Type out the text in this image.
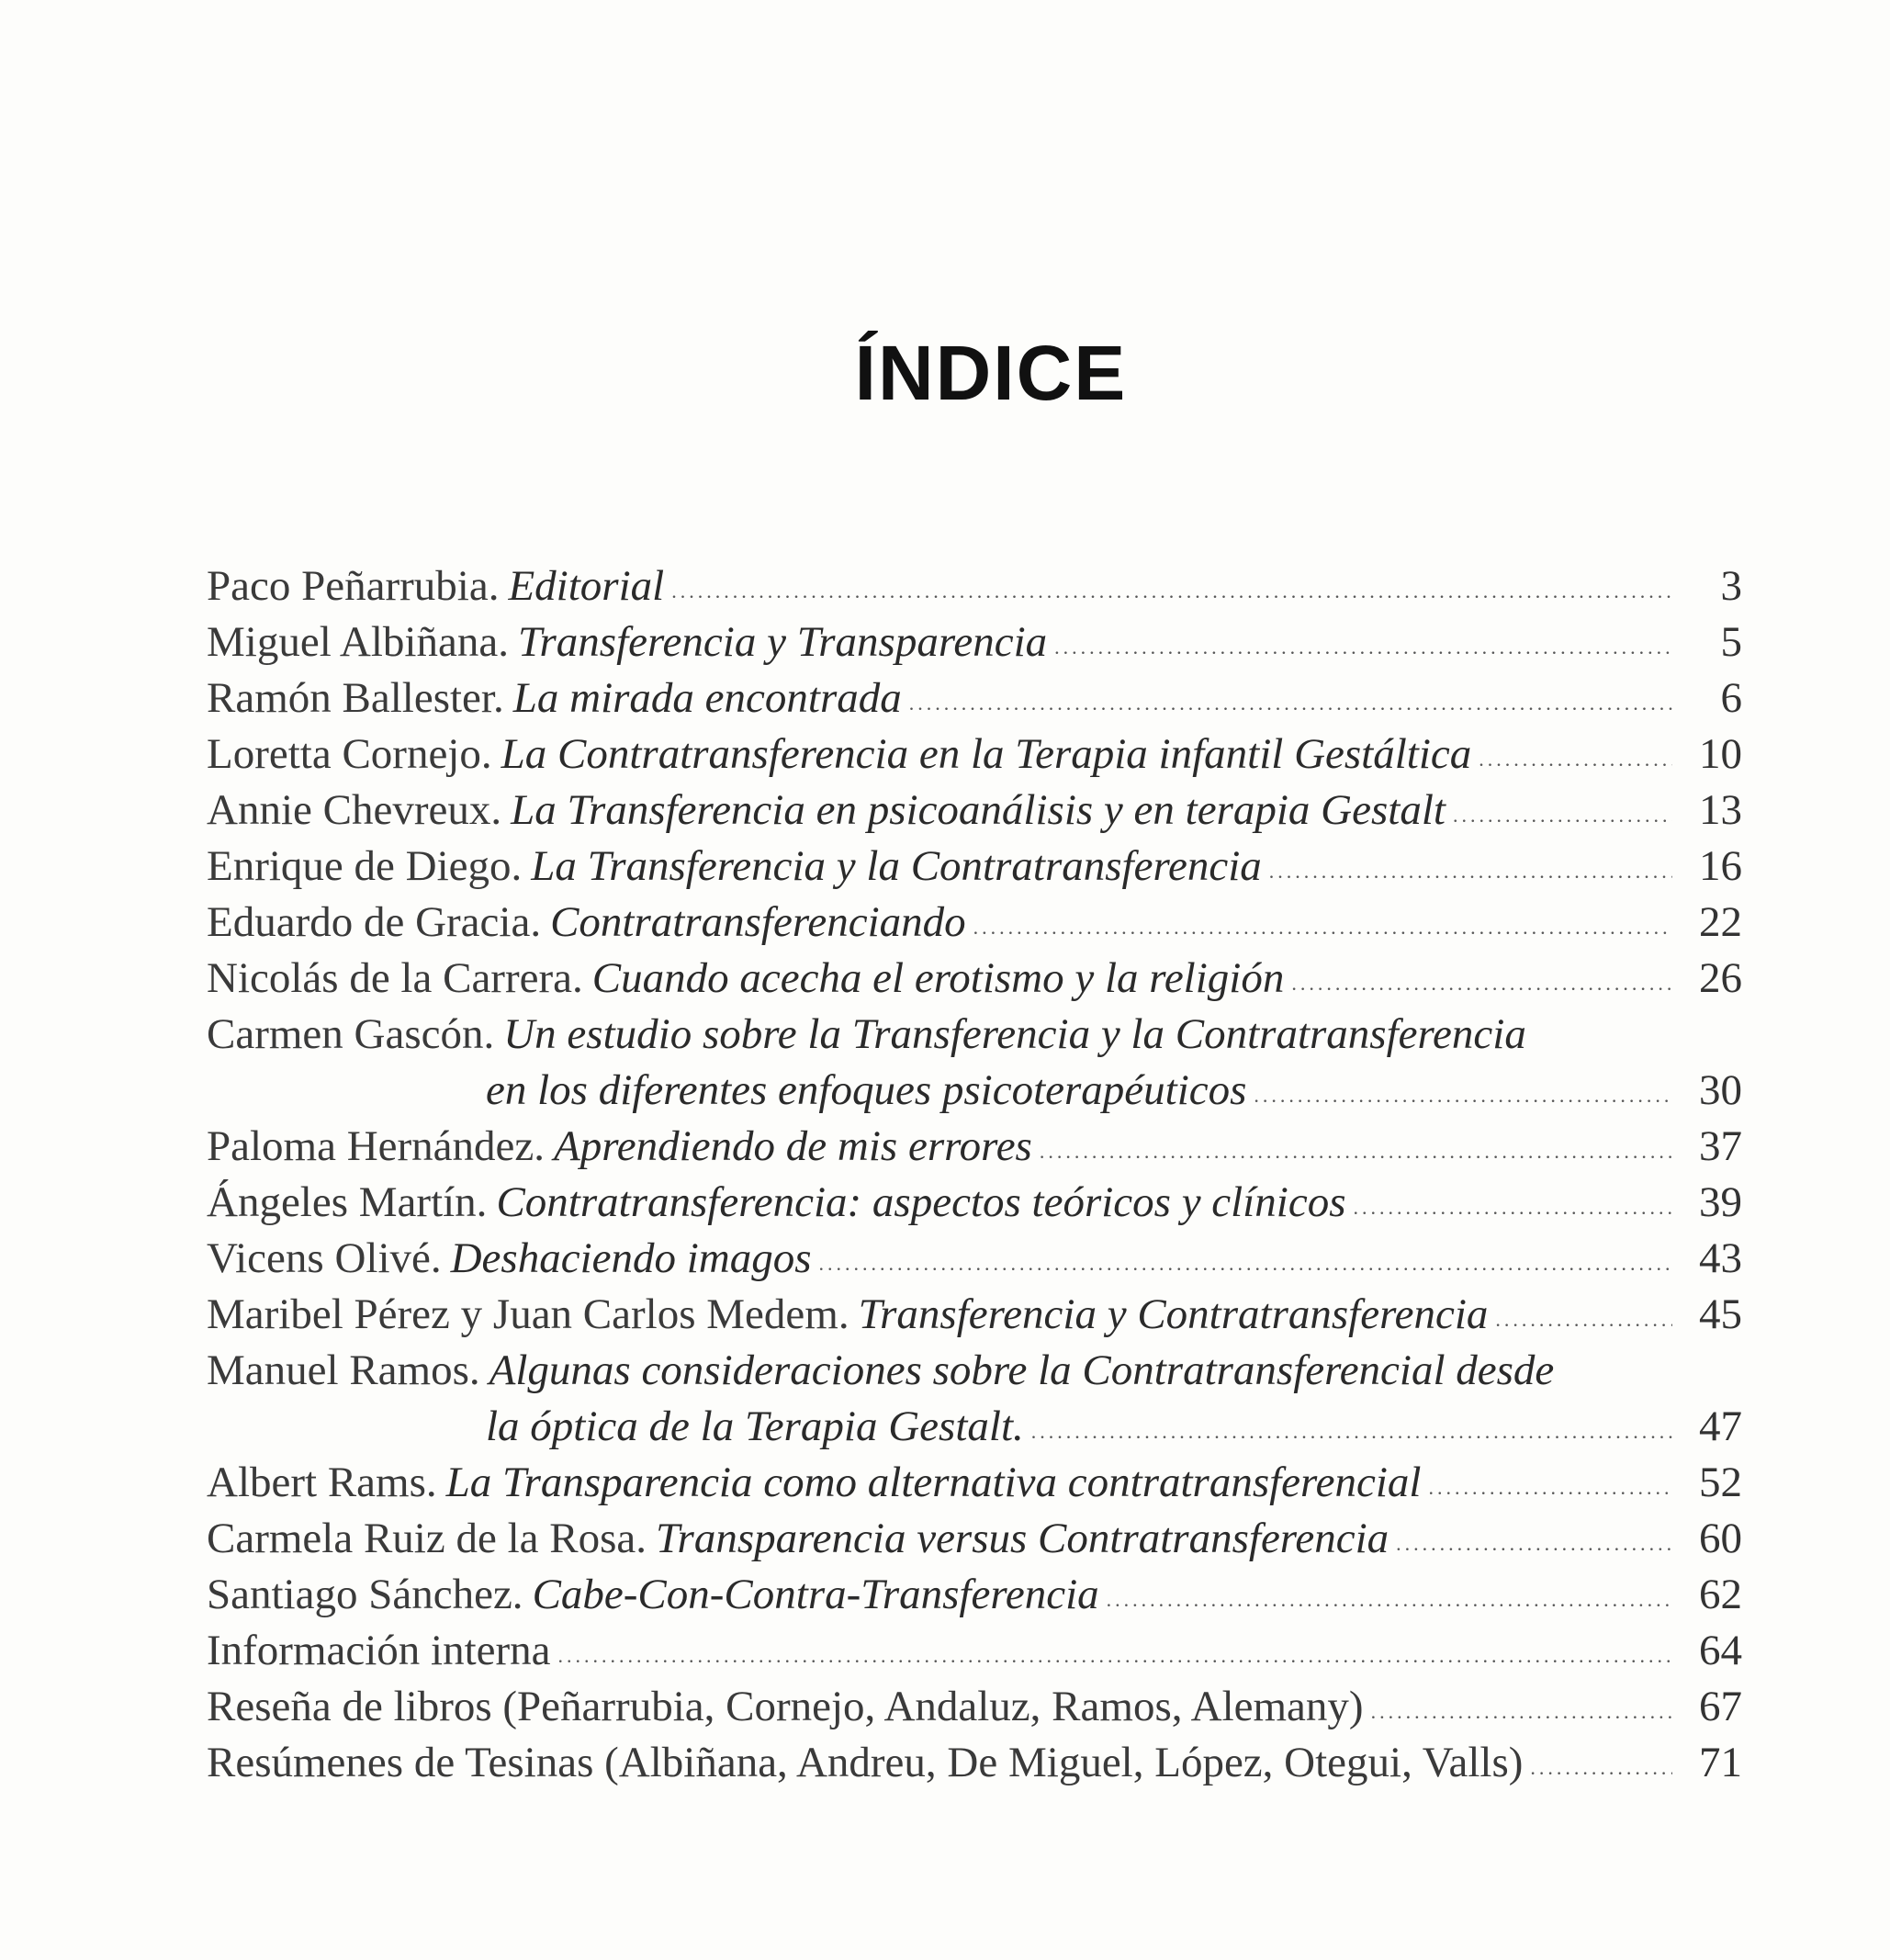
ÍNDICE
Paco Peñarrubia. Editorial .....	3
Miguel Albiñana. Transferencia y Transparencia .....	5
Ramón Ballester. La mirada encontrada .....	6
Loretta Cornejo. La Contratransferencia en la Terapia infantil Gestáltica .....	10
Annie Chevreux. La Transferencia en psicoanálisis y en terapia Gestalt .....	13
Enrique de Diego. La Transferencia y la Contratransferencia .....	16
Eduardo de Gracia. Contratransferenciando .....	22
Nicolás de la Carrera. Cuando acecha el erotismo y la religión .....	26
Carmen Gascón. Un estudio sobre la Transferencia y la Contratransferencia
en los diferentes enfoques psicoterapéuticos .....	30
Paloma Hernández. Aprendiendo de mis errores .....	37
Ángeles Martín. Contratransferencia: aspectos teóricos y clínicos .....	39
Vicens Olivé. Deshaciendo imagos .....	43
Maribel Pérez y Juan Carlos Medem. Transferencia y Contratransferencia .....	45
Manuel Ramos. Algunas consideraciones sobre la Contratransferencial desde
la óptica de la Terapia Gestalt. .....	47
Albert Rams. La Transparencia como alternativa contratransferencial .....	52
Carmela Ruiz de la Rosa. Transparencia versus Contratransferencia .....	60
Santiago Sánchez. Cabe-Con-Contra-Transferencia .....	62
Información interna .....	64
Reseña de libros (Peñarrubia, Cornejo, Andaluz, Ramos, Alemany) .....	67
Resúmenes de Tesinas (Albiñana, Andreu, De Miguel, López, Otegui, Valls) .....	71
